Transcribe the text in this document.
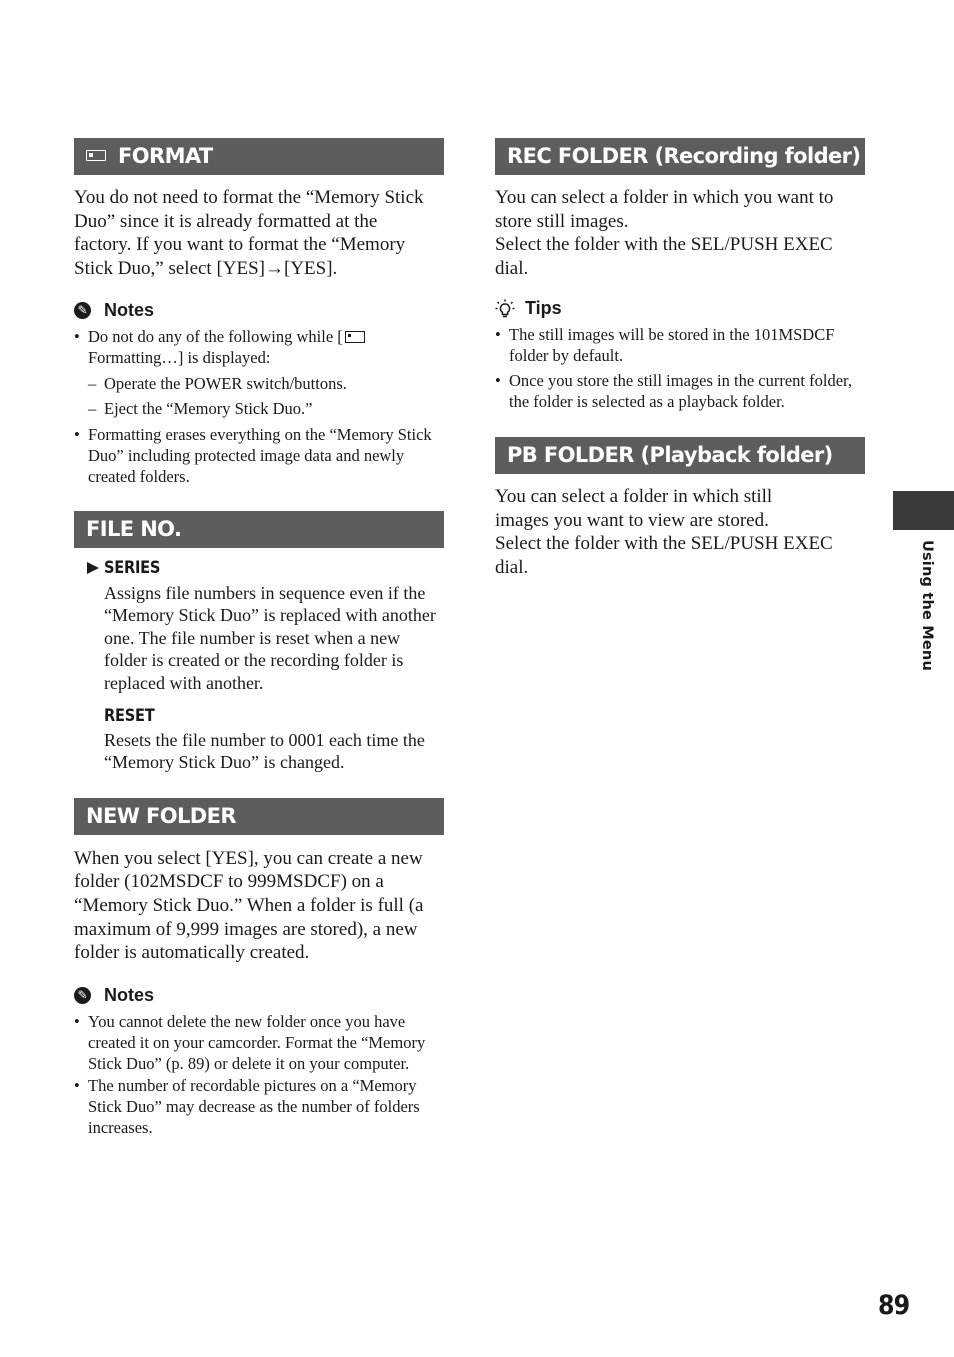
FORMAT

You do not need to format the “Memory Stick Duo” since it is already formatted at the factory. If you want to format the “Memory Stick Duo,” select [YES]→[YES].

✎ Notes
• Do not do any of the following while [ Formatting…] is displayed:
– Operate the POWER switch/buttons.
– Eject the “Memory Stick Duo.”
• Formatting erases everything on the “Memory Stick Duo” including protected image data and newly created folders.
FILE NO.
SERIES

Assigns file numbers in sequence even if the “Memory Stick Duo” is replaced with another one. The file number is reset when a new folder is created or the recording folder is replaced with another.

RESET

Resets the file number to 0001 each time the “Memory Stick Duo” is changed.

NEW FOLDER

When you select [YES], you can create a new folder (102MSDCF to 999MSDCF) on a “Memory Stick Duo.” When a folder is full (a maximum of 9,999 images are stored), a new folder is automatically created.

✎ Notes
• You cannot delete the new folder once you have created it on your camcorder. Format the “Memory Stick Duo” (p. 89) or delete it on your computer.
• The number of recordable pictures on a “Memory Stick Duo” may decrease as the number of folders increases.
REC FOLDER (Recording folder)

You can select a folder in which you want to store still images.

Select the folder with the SEL/PUSH EXEC dial.

Tips
• The still images will be stored in the 101MSDCF folder by default.
• Once you store the still images in the current folder, the folder is selected as a playback folder.
PB FOLDER (Playback folder)

You can select a folder in which still images you want to view are stored.

Select the folder with the SEL/PUSH EXEC dial.	Using the Menu
89
